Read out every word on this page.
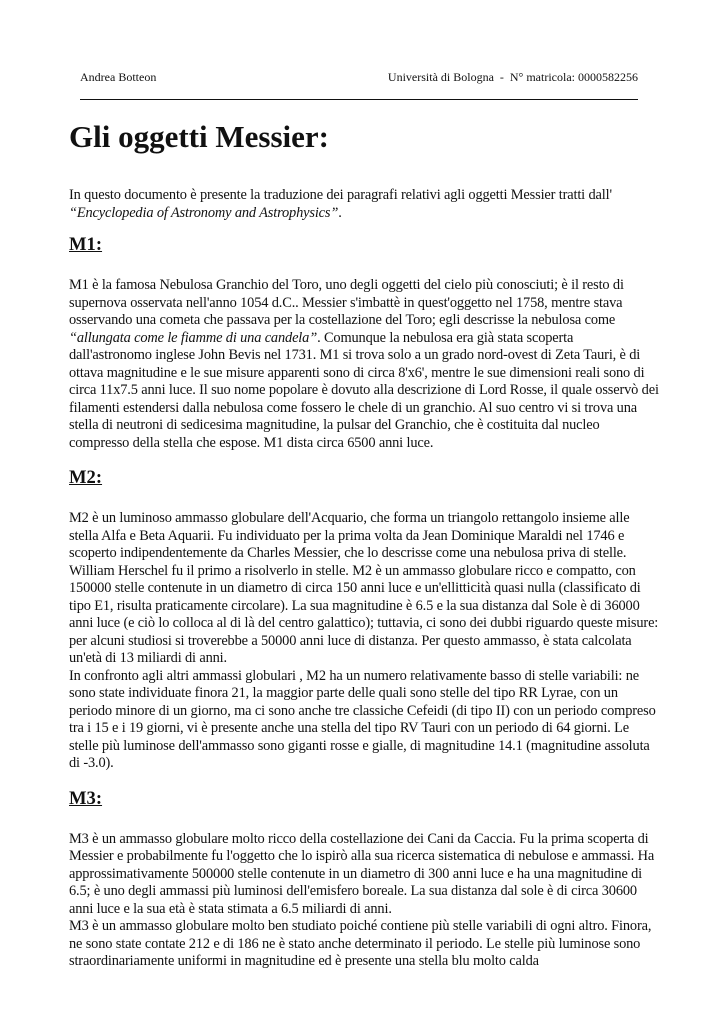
Andrea Botteon	Università di Bologna  -  N° matricola: 0000582256
Gli oggetti Messier:

In questo documento è presente la traduzione dei paragrafi relativi agli oggetti Messier tratti dall'
“Encyclopedia of Astronomy and Astrophysics”.

M1:

M1 è la famosa Nebulosa Granchio del Toro, uno degli oggetti del cielo più conosciuti; è il resto di supernova osservata nell'anno 1054 d.C.. Messier s'imbattè in quest'oggetto nel 1758, mentre stava osservando una cometa che passava per la costellazione del Toro; egli descrisse la nebulosa come “allungata come le fiamme di una candela”. Comunque la nebulosa era già stata scoperta dall'astronomo inglese John Bevis nel 1731. M1 si trova solo a un grado nord-ovest di Zeta Tauri, è di ottava magnitudine e le sue misure apparenti sono di circa 8'x6', mentre le sue dimensioni reali sono di circa 11x7.5 anni luce. Il suo nome popolare è dovuto alla descrizione di Lord Rosse, il quale osservò dei filamenti estendersi dalla nebulosa come fossero le chele di un granchio. Al suo centro vi si trova una stella di neutroni di sedicesima magnitudine, la pulsar del Granchio, che è costituita dal nucleo compresso della stella che espose. M1 dista circa 6500 anni luce.

M2:

M2 è un luminoso ammasso globulare dell'Acquario, che forma un triangolo rettangolo insieme alle stella Alfa e Beta Aquarii. Fu individuato per la prima volta da Jean Dominique Maraldi nel 1746 e scoperto indipendentemente da Charles Messier, che lo descrisse come una nebulosa priva di stelle. William Herschel fu il primo a risolverlo in stelle. M2 è un ammasso globulare ricco e compatto, con 150000 stelle contenute in un diametro di circa 150 anni luce e un'ellitticità quasi nulla (classificato di tipo E1, risulta praticamente circolare). La sua magnitudine è 6.5 e la sua distanza dal Sole è di 36000 anni luce (e ciò lo colloca al di là del centro galattico); tuttavia, ci sono dei dubbi riguardo queste misure: per alcuni studiosi si troverebbe a 50000 anni luce di distanza. Per questo ammasso, è stata calcolata un'età di 13 miliardi di anni.

In confronto agli altri ammassi globulari , M2 ha un numero relativamente basso di stelle variabili: ne sono state individuate finora 21, la maggior parte delle quali sono stelle del tipo RR Lyrae, con un periodo minore di un giorno, ma ci sono anche tre classiche Cefeidi (di tipo II) con un periodo compreso tra i 15 e i 19 giorni, vi è presente anche una stella del tipo RV Tauri con un periodo di 64 giorni. Le stelle più luminose dell'ammasso sono giganti rosse e gialle, di magnitudine 14.1 (magnitudine assoluta di -3.0).

M3:

M3 è un ammasso globulare molto ricco della costellazione dei Cani da Caccia. Fu la prima scoperta di Messier e probabilmente fu l'oggetto che lo ispirò alla sua ricerca sistematica di nebulose e ammassi. Ha approssimativamente 500000 stelle contenute in un diametro di 300 anni luce e ha una magnitudine di 6.5; è uno degli ammassi più luminosi dell'emisfero boreale. La sua distanza dal sole è di circa 30600 anni luce e la sua età è stata stimata a 6.5 miliardi di anni.

M3 è un ammasso globulare molto ben studiato poiché contiene più stelle variabili di ogni altro. Finora, ne sono state contate 212 e di 186 ne è stato anche determinato il periodo. Le stelle più luminose sono straordinariamente uniformi in magnitudine ed è presente una stella blu molto calda
